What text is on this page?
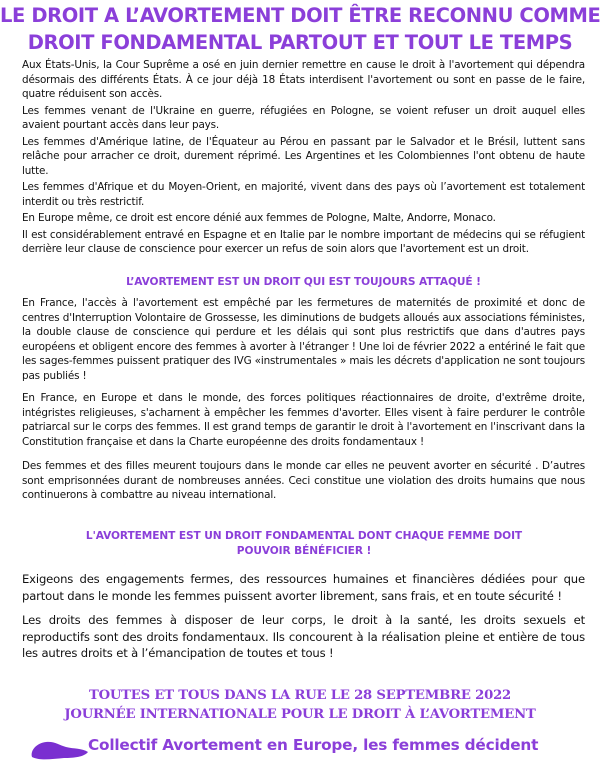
LE DROIT A L’AVORTEMENT DOIT ÊTRE RECONNU COMME
DROIT FONDAMENTAL PARTOUT ET TOUT LE TEMPS

Aux États-Unis, la Cour Suprême a osé en juin dernier remettre en cause le droit à l'avortement qui dépendra désormais des différents États. À ce jour déjà 18 États interdisent l'avortement ou sont en passe de le faire, quatre réduisent son accès.

Les femmes venant de l'Ukraine en guerre, réfugiées en Pologne, se voient refuser un droit auquel elles avaient pourtant accès dans leur pays.

Les femmes d'Amérique latine, de l'Équateur au Pérou en passant par le Salvador et le Brésil, luttent sans relâche pour arracher ce droit, durement réprimé. Les Argentines et les Colombiennes l'ont obtenu de haute lutte.

Les femmes d'Afrique et du Moyen-Orient, en majorité, vivent dans des pays où l’avortement est totalement interdit ou très restrictif.

En Europe même, ce droit est encore dénié aux femmes de Pologne, Malte, Andorre, Monaco.

Il est considérablement entravé en Espagne et en Italie par le nombre important de médecins qui se réfugient derrière leur clause de conscience pour exercer un refus de soin alors que l'avortement est un droit.

L’AVORTEMENT EST UN DROIT QUI EST TOUJOURS ATTAQUÉ !

En France, l'accès à l'avortement est empêché par les fermetures de maternités de proximité et donc de centres d'Interruption Volontaire de Grossesse, les diminutions de budgets alloués aux associations féministes, la double clause de conscience qui perdure et les délais qui sont plus restrictifs que dans d'autres pays européens et obligent encore des femmes à avorter à l'étranger ! Une loi de février 2022 a entériné le fait que les sages-femmes puissent pratiquer des IVG «instrumentales » mais les décrets d'application ne sont toujours pas publiés !

En France, en Europe et dans le monde, des forces politiques réactionnaires de droite, d'extrême droite, intégristes religieuses, s'acharnent à empêcher les femmes d'avorter. Elles visent à faire perdurer le contrôle patriarcal sur le corps des femmes. Il est grand temps de garantir le droit à l'avortement en l'inscrivant dans la Constitution française et dans la Charte européenne des droits fondamentaux !

Des femmes et des filles meurent toujours dans le monde car elles ne peuvent avorter en sécurité . D’autres sont emprisonnées durant de nombreuses années. Ceci constitue une violation des droits humains que nous continuerons à combattre au niveau international.

L'AVORTEMENT EST UN DROIT FONDAMENTAL DONT CHAQUE FEMME DOIT POUVOIR BÉNÉFICIER !

Exigeons des engagements fermes, des ressources humaines et financières dédiées pour que partout dans le monde les femmes puissent avorter librement, sans frais, et en toute sécurité !

Les droits des femmes à disposer de leur corps, le droit à la santé, les droits sexuels et reproductifs sont des droits fondamentaux. Ils concourent à la réalisation pleine et entière de tous les autres droits et à l’émancipation de toutes et tous !

TOUTES ET TOUS DANS LA RUE LE 28 SEPTEMBRE 2022
JOURNÉE INTERNATIONALE POUR LE DROIT À L’AVORTEMENT
Collectif Avortement en Europe, les femmes décident
